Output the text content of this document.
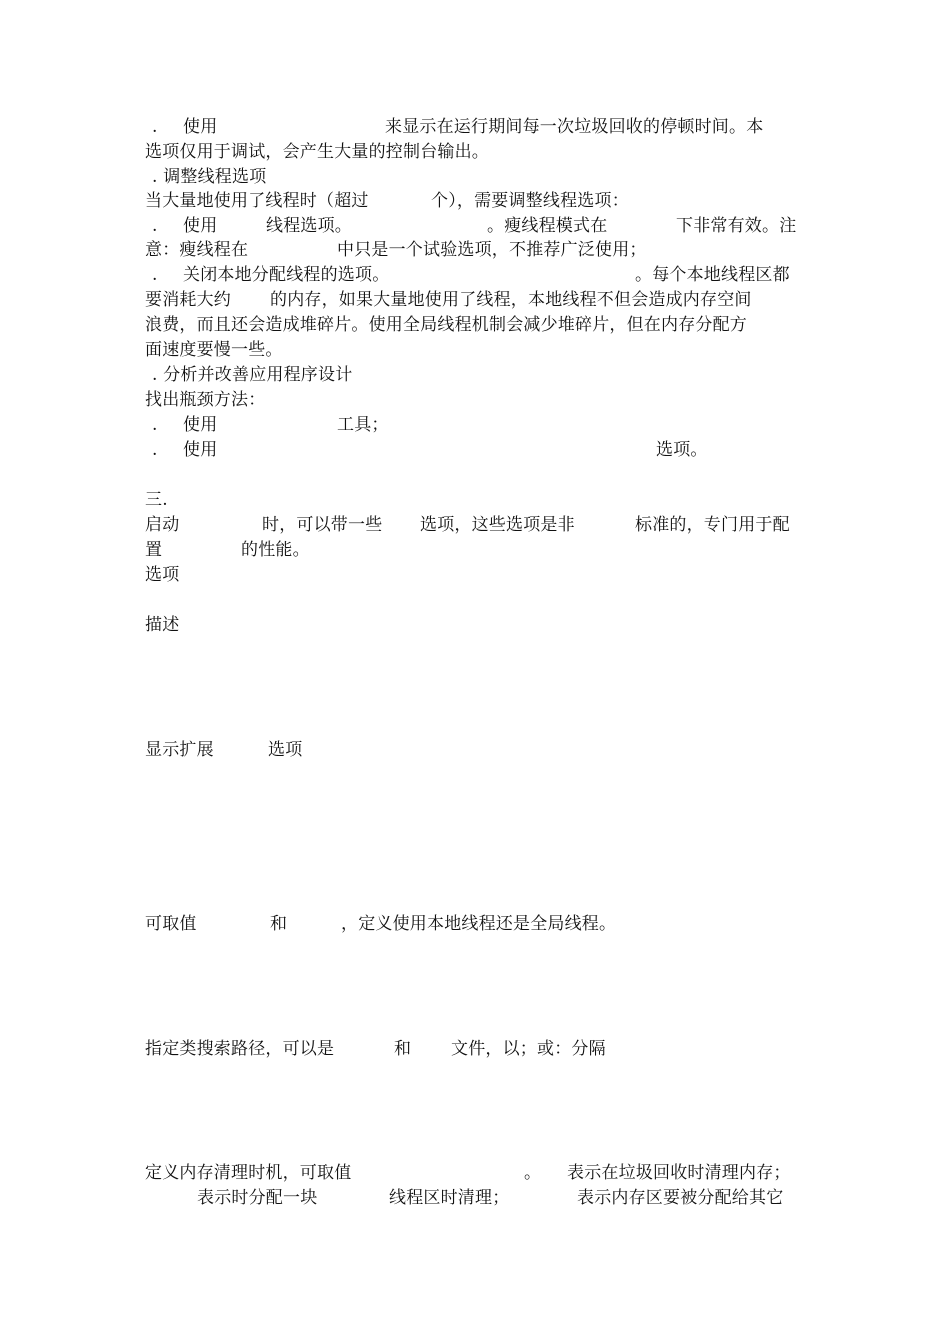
. 使用	来显示在运行期间每一次垃圾回收的停顿时间。本
选项仅用于调试，会产生大量的控制台输出。
. 调整线程选项
当大量地使用了线程时（超过	个），需要调整线程选项：
. 使用	线程选项。	。瘦线程模式在	下非常有效。注
意：瘦线程在	中只是一个试验选项，不推荐广泛使用；
. 关闭本地分配线程的选项。	。每个本地线程区都
要消耗大约 的内存，如果大量地使用了线程，本地线程不但会造成内存空间
浪费，而且还会造成堆碎片。使用全局线程机制会减少堆碎片，但在内存分配方
面速度要慢一些。
. 分析并改善应用程序设计
找出瓶颈方法：
. 使用	工具；
. 使用	选项。
三.
启动	时，可以带一些 选项，这些选项是非	标准的，专门用于配
置	的性能。
选项
描述
显示扩展	选项
可取值	和	，定义使用本地线程还是全局线程。
指定类搜索路径，可以是	和 文件，以；或：分隔
定义内存清理时机，可取值	。 表示在垃圾回收时清理内存；
表示时分配一块	线程区时清理；	表示内存区要被分配给其它
